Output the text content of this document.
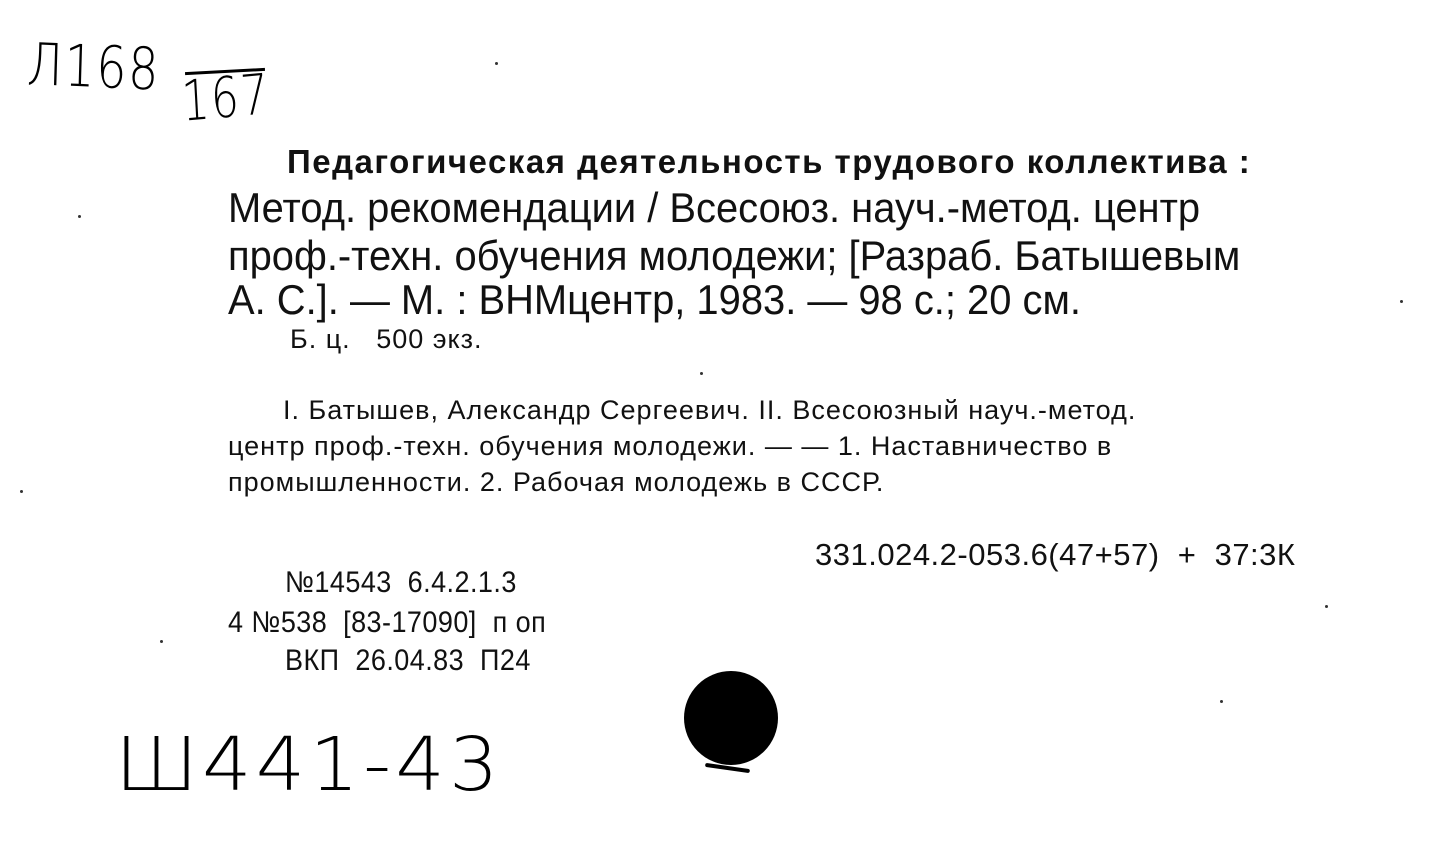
Л168 167
Педагогическая деятельность трудового коллектива :
Метод. рекомендации / Всесоюз. науч.-метод. центр
проф.-техн. обучения молодежи; [Разраб. Батышевым
А. С.]. — М. : ВНМцентр, 1983. — 98 с.; 20 см.
Б. ц.   500 экз.
I. Батышев, Александр Сергеевич. II. Всесоюзный науч.-метод.
центр проф.-техн. обучения молодежи. — — 1. Наставничество в
промышленности. 2. Рабочая молодежь в СССР.
331.024.2-053.6(47+57)  +  37:3К
№14543  6.4.2.1.3
4 №538  [83-17090]  п оп
ВКП  26.04.83  П24
Ш441-43
